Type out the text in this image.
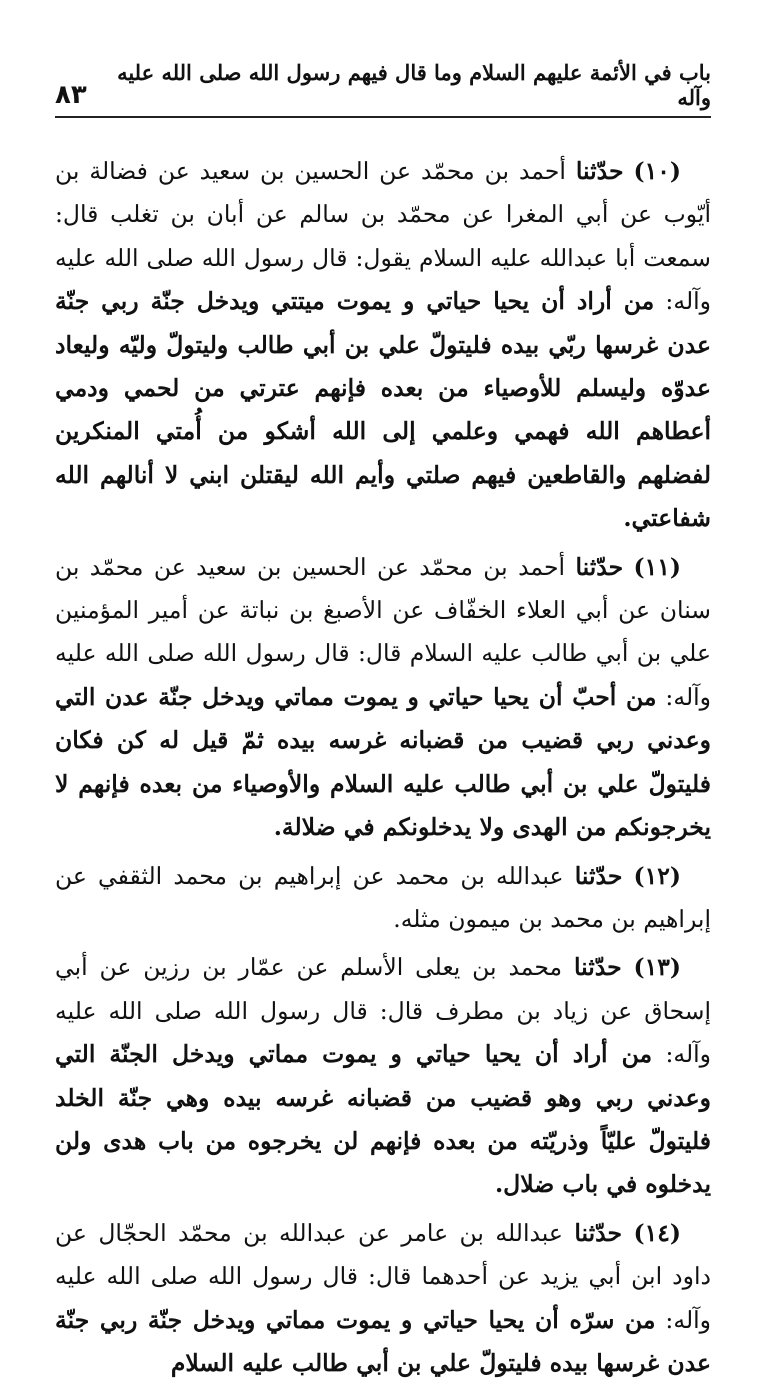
٨٣
باب في الأئمة عليهم السلام وما قال فيهم رسول الله صلى الله عليه وآله

(١٠) حدّثنا أحمد بن محمّد عن الحسين بن سعيد عن فضالة بن أيّوب عن أبي المغرا عن محمّد بن سالم عن أبان بن تغلب قال: سمعت أبا عبدالله عليه السلام يقول: قال رسول الله صلى الله عليه وآله: من أراد أن يحيا حياتي و يموت ميتتي ويدخل جنّة ربي جنّة عدن غرسها ربّي بيده فليتولّ علي بن أبي طالب وليتولّ وليّه وليعاد عدوّه وليسلم للأوصياء من بعده فإنهم عترتي من لحمي ودمي أعطاهم الله فهمي وعلمي إلى الله أشكو من أُمتي المنكرين لفضلهم والقاطعين فيهم صلتي وأيم الله ليقتلن ابني لا أنالهم الله شفاعتي.

(١١) حدّثنا أحمد بن محمّد عن الحسين بن سعيد عن محمّد بن سنان عن أبي العلاء الخفّاف عن الأصبغ بن نباتة عن أمير المؤمنين علي بن أبي طالب عليه السلام قال: قال رسول الله صلى الله عليه وآله: من أحبّ أن يحيا حياتي و يموت مماتي ويدخل جنّة عدن التي وعدني ربي قضيب من قضبانه غرسه بيده ثمّ قيل له كن فكان فليتولّ علي بن أبي طالب عليه السلام والأوصياء من بعده فإنهم لا يخرجونكم من الهدى ولا يدخلونكم في ضلالة.

(١٢) حدّثنا عبدالله بن محمد عن إبراهيم بن محمد الثقفي عن إبراهيم بن محمد بن ميمون مثله.

(١٣) حدّثنا محمد بن يعلى الأسلم عن عمّار بن رزين عن أبي إسحاق عن زياد بن مطرف قال: قال رسول الله صلى الله عليه وآله: من أراد أن يحيا حياتي و يموت مماتي ويدخل الجنّة التي وعدني ربي وهو قضيب من قضبانه غرسه بيده وهي جنّة الخلد فليتولّ عليّاً وذريّته من بعده فإنهم لن يخرجوه من باب هدى ولن يدخلوه في باب ضلال.

(١٤) حدّثنا عبدالله بن عامر عن عبدالله بن محمّد الحجّال عن داود ابن أبي يزيد عن أحدهما قال: قال رسول الله صلى الله عليه وآله: من سرّه أن يحيا حياتي و يموت مماتي ويدخل جنّة ربي جنّة عدن غرسها بيده فليتولّ علي بن أبي طالب عليه السلام
